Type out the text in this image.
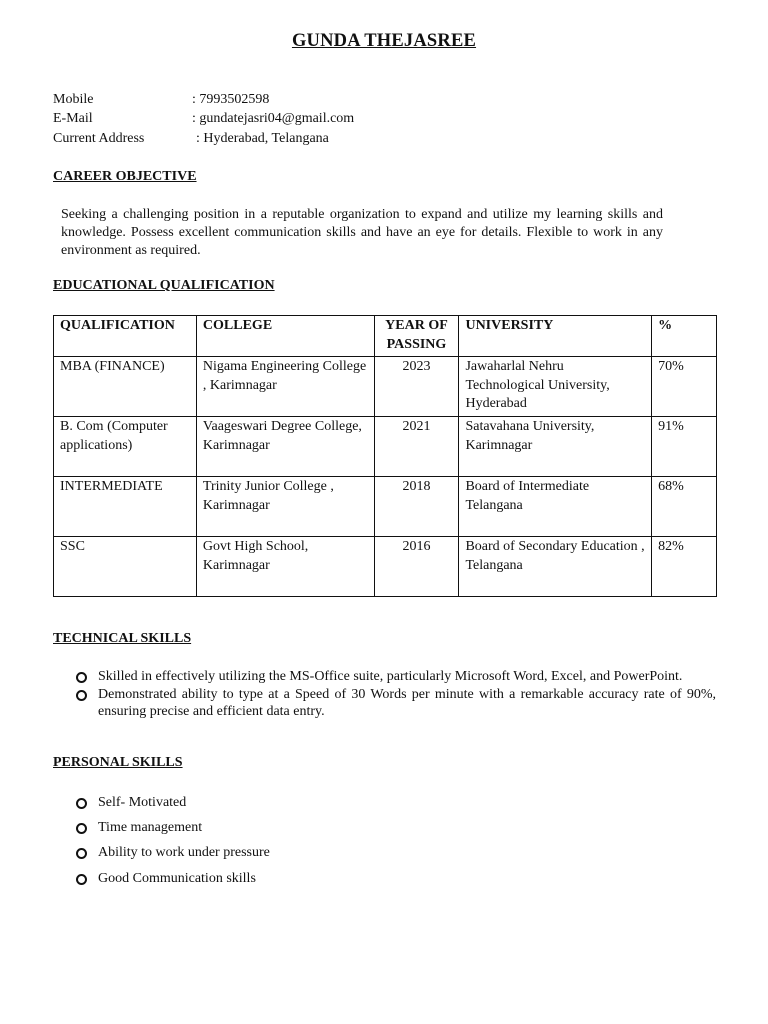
GUNDA THEJASREE
Mobile	: 7993502598
E-Mail	: gundatejasri04@gmail.com
Current Address	: Hyderabad, Telangana
CAREER OBJECTIVE
Seeking a challenging position in a reputable organization to expand and utilize my learning skills and knowledge. Possess excellent communication skills and have an eye for details. Flexible to work in any environment as required.
EDUCATIONAL QUALIFICATION
QUALIFICATION	COLLEGE	YEAR OF PASSING	UNIVERSITY	%
MBA (FINANCE)	Nigama Engineering College , Karimnagar	2023	Jawaharlal Nehru Technological University, Hyderabad	70%
B. Com (Computer applications)	Vaageswari Degree College, Karimnagar	2021	Satavahana University, Karimnagar	91%
INTERMEDIATE	Trinity Junior College , Karimnagar	2018	Board of Intermediate Telangana	68%
SSC	Govt High School, Karimnagar	2016	Board of Secondary Education , Telangana	82%
TECHNICAL SKILLS
Skilled in effectively utilizing the MS-Office suite, particularly Microsoft Word, Excel, and PowerPoint.
Demonstrated ability to type at a Speed of 30 Words per minute with a remarkable accuracy rate of 90%, ensuring precise and efficient data entry.
PERSONAL SKILLS
Self- Motivated
Time management
Ability to work under pressure
Good Communication skills
